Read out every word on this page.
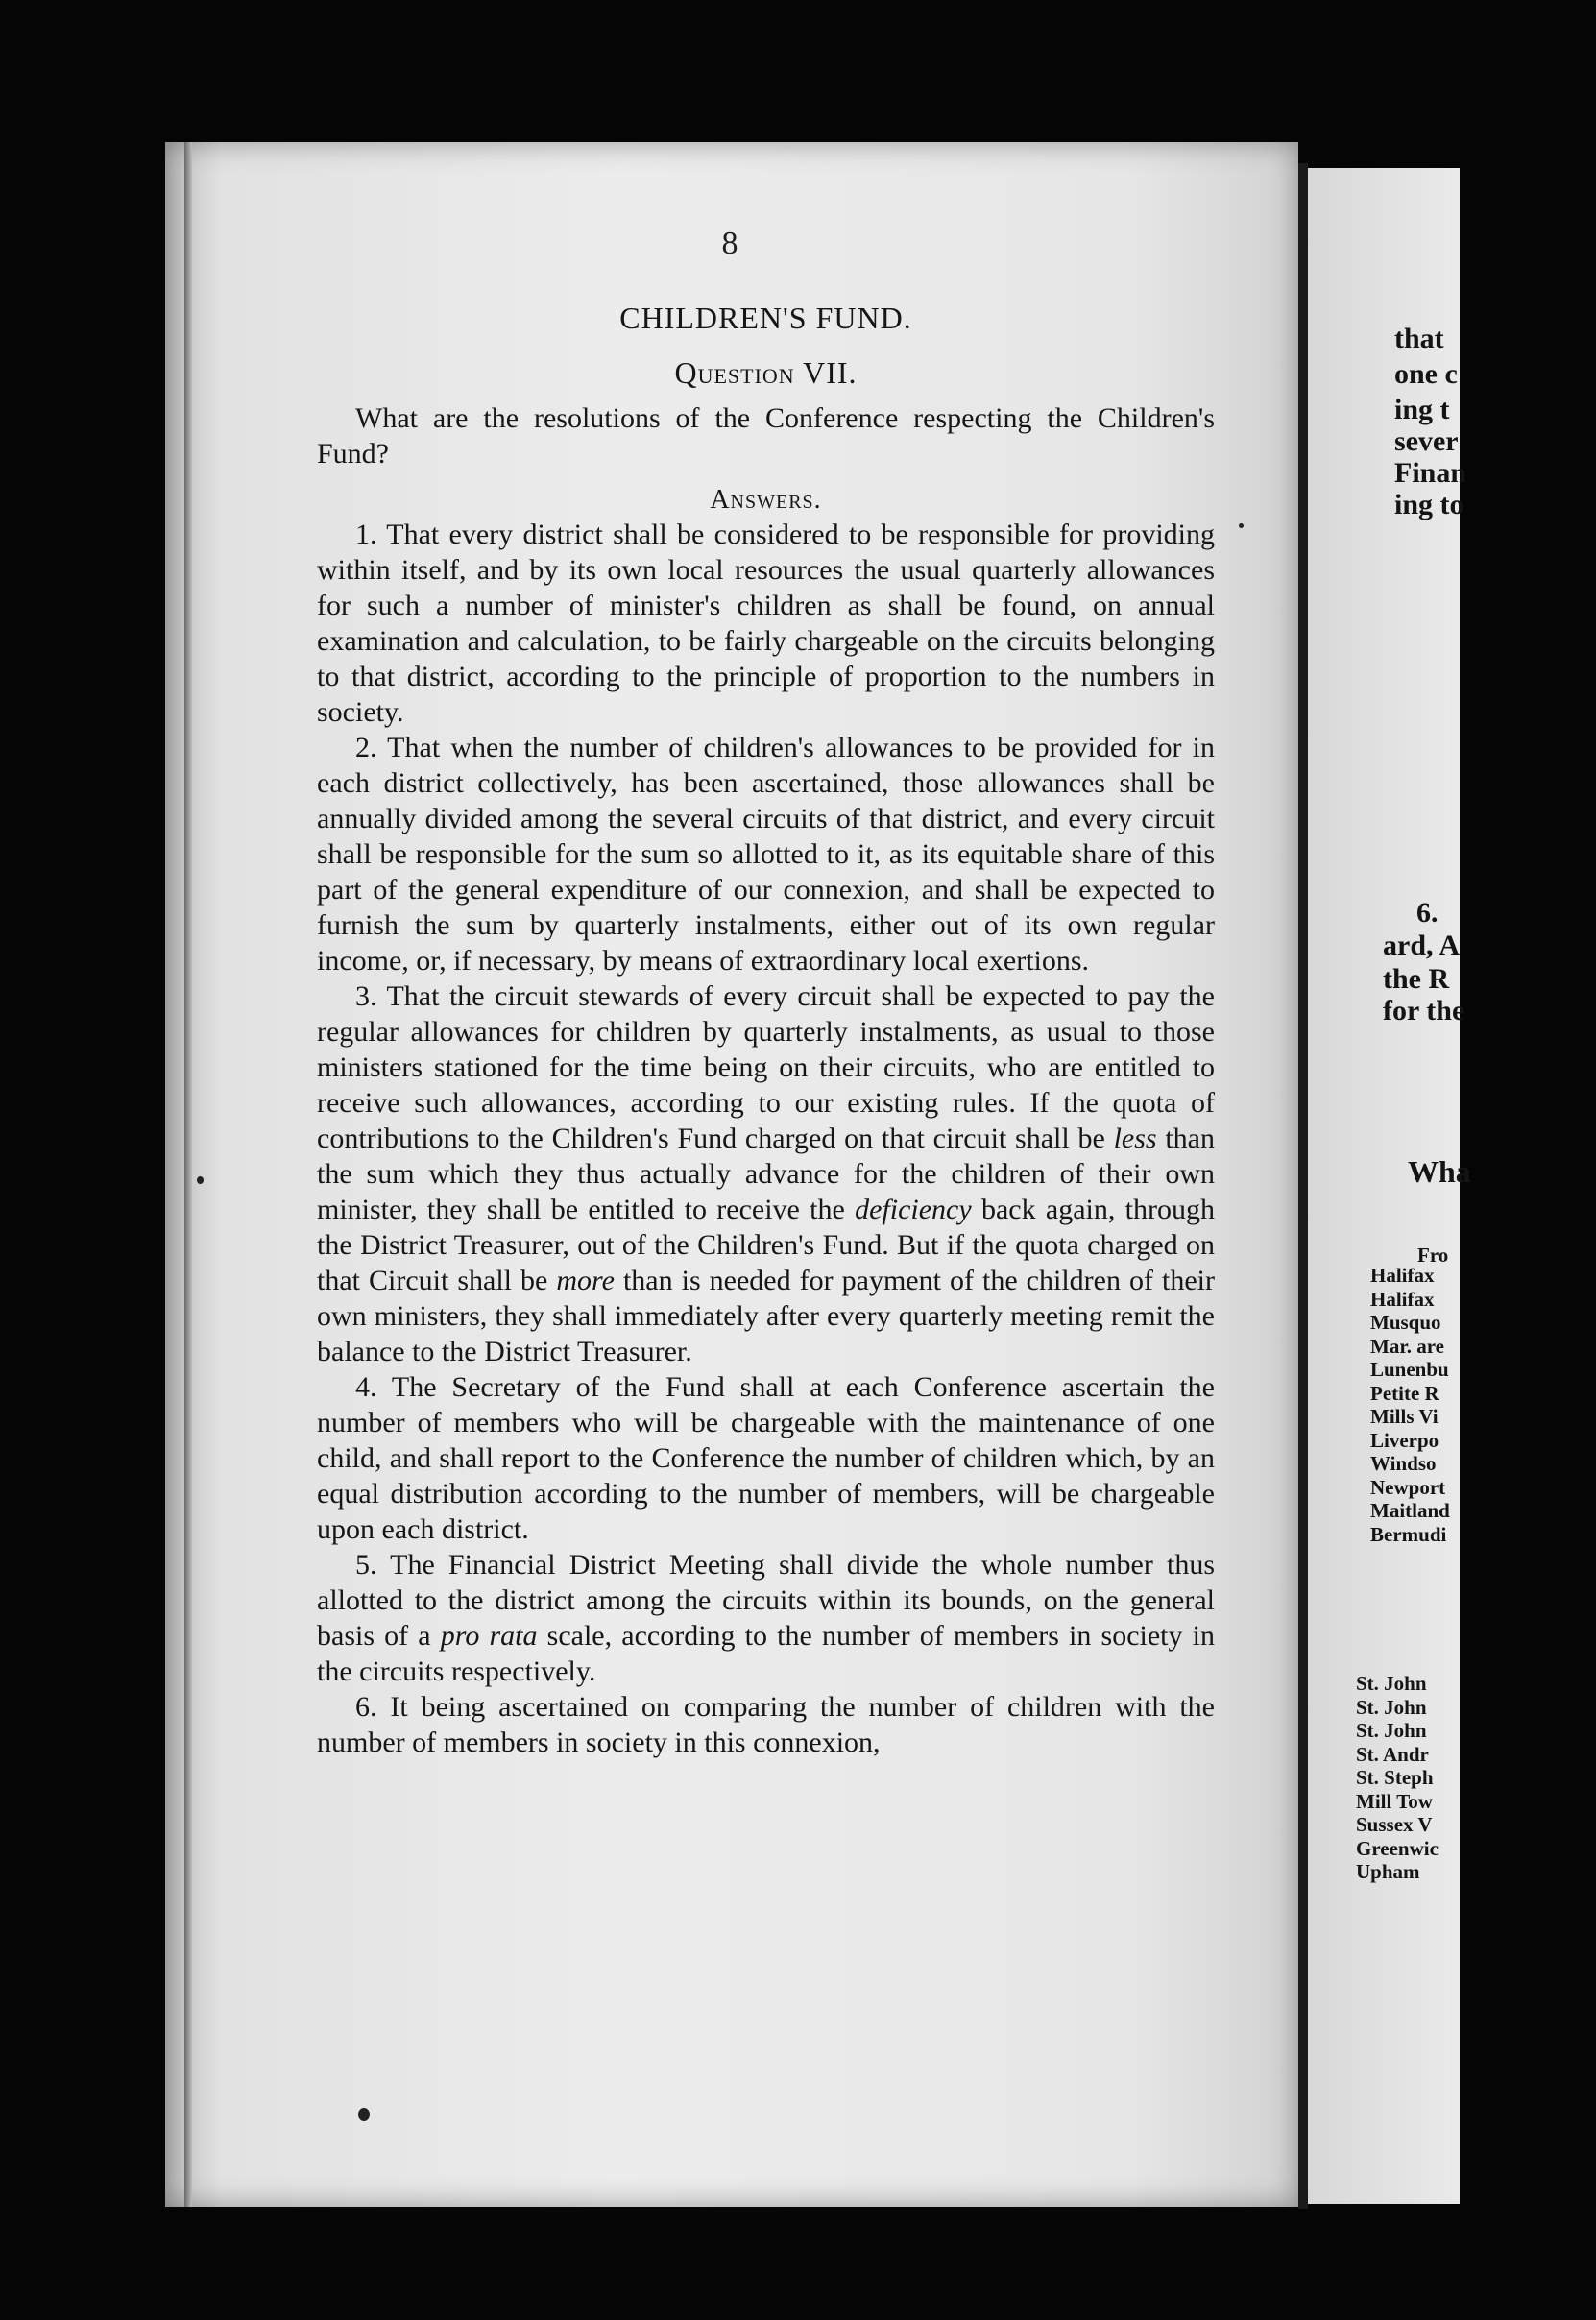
that
one c
ing t
sever
Finan
ing to
6.
ard, A
the R
for the
Wha
Fro
Halifax
Halifax
Musquo
Mar. are
Lunenbu
Petite R
Mills Vi
Liverpo
Windso
Newport
Maitland
Bermudi
St. John
St. John
St. John
St. Andr
St. Steph
Mill Tow
Sussex V
Greenwic
Upham
8
CHILDREN'S FUND.
Question VII.
What are the resolutions of the Conference respecting the Children's Fund?
Answers.

1. That every district shall be considered to be responsible for providing within itself, and by its own local resources the usual quarterly allowances for such a number of minister's children as shall be found, on annual examination and calculation, to be fairly chargeable on the circuits belonging to that district, according to the principle of proportion to the numbers in society.

2. That when the number of children's allowances to be provided for in each district collectively, has been ascertained, those allowances shall be annually divided among the several circuits of that district, and every circuit shall be responsible for the sum so allotted to it, as its equitable share of this part of the general expenditure of our connexion, and shall be expected to furnish the sum by quarterly instalments, either out of its own regular income, or, if necessary, by means of extraordinary local exertions.

3. That the circuit stewards of every circuit shall be expected to pay the regular allowances for children by quarterly instalments, as usual to those ministers stationed for the time being on their circuits, who are entitled to receive such allowances, according to our existing rules. If the quota of contributions to the Children's Fund charged on that circuit shall be less than the sum which they thus actually advance for the children of their own minister, they shall be entitled to receive the deficiency back again, through the District Treasurer, out of the Children's Fund. But if the quota charged on that Circuit shall be more than is needed for payment of the children of their own ministers, they shall immediately after every quarterly meeting remit the balance to the District Treasurer.

4. The Secretary of the Fund shall at each Conference ascertain the number of members who will be chargeable with the maintenance of one child, and shall report to the Conference the number of children which, by an equal distribution according to the number of members, will be chargeable upon each district.

5. The Financial District Meeting shall divide the whole number thus allotted to the district among the circuits within its bounds, on the general basis of a pro rata scale, according to the number of members in society in the circuits respectively.

6. It being ascertained on comparing the number of children with the number of members in society in this connexion,
